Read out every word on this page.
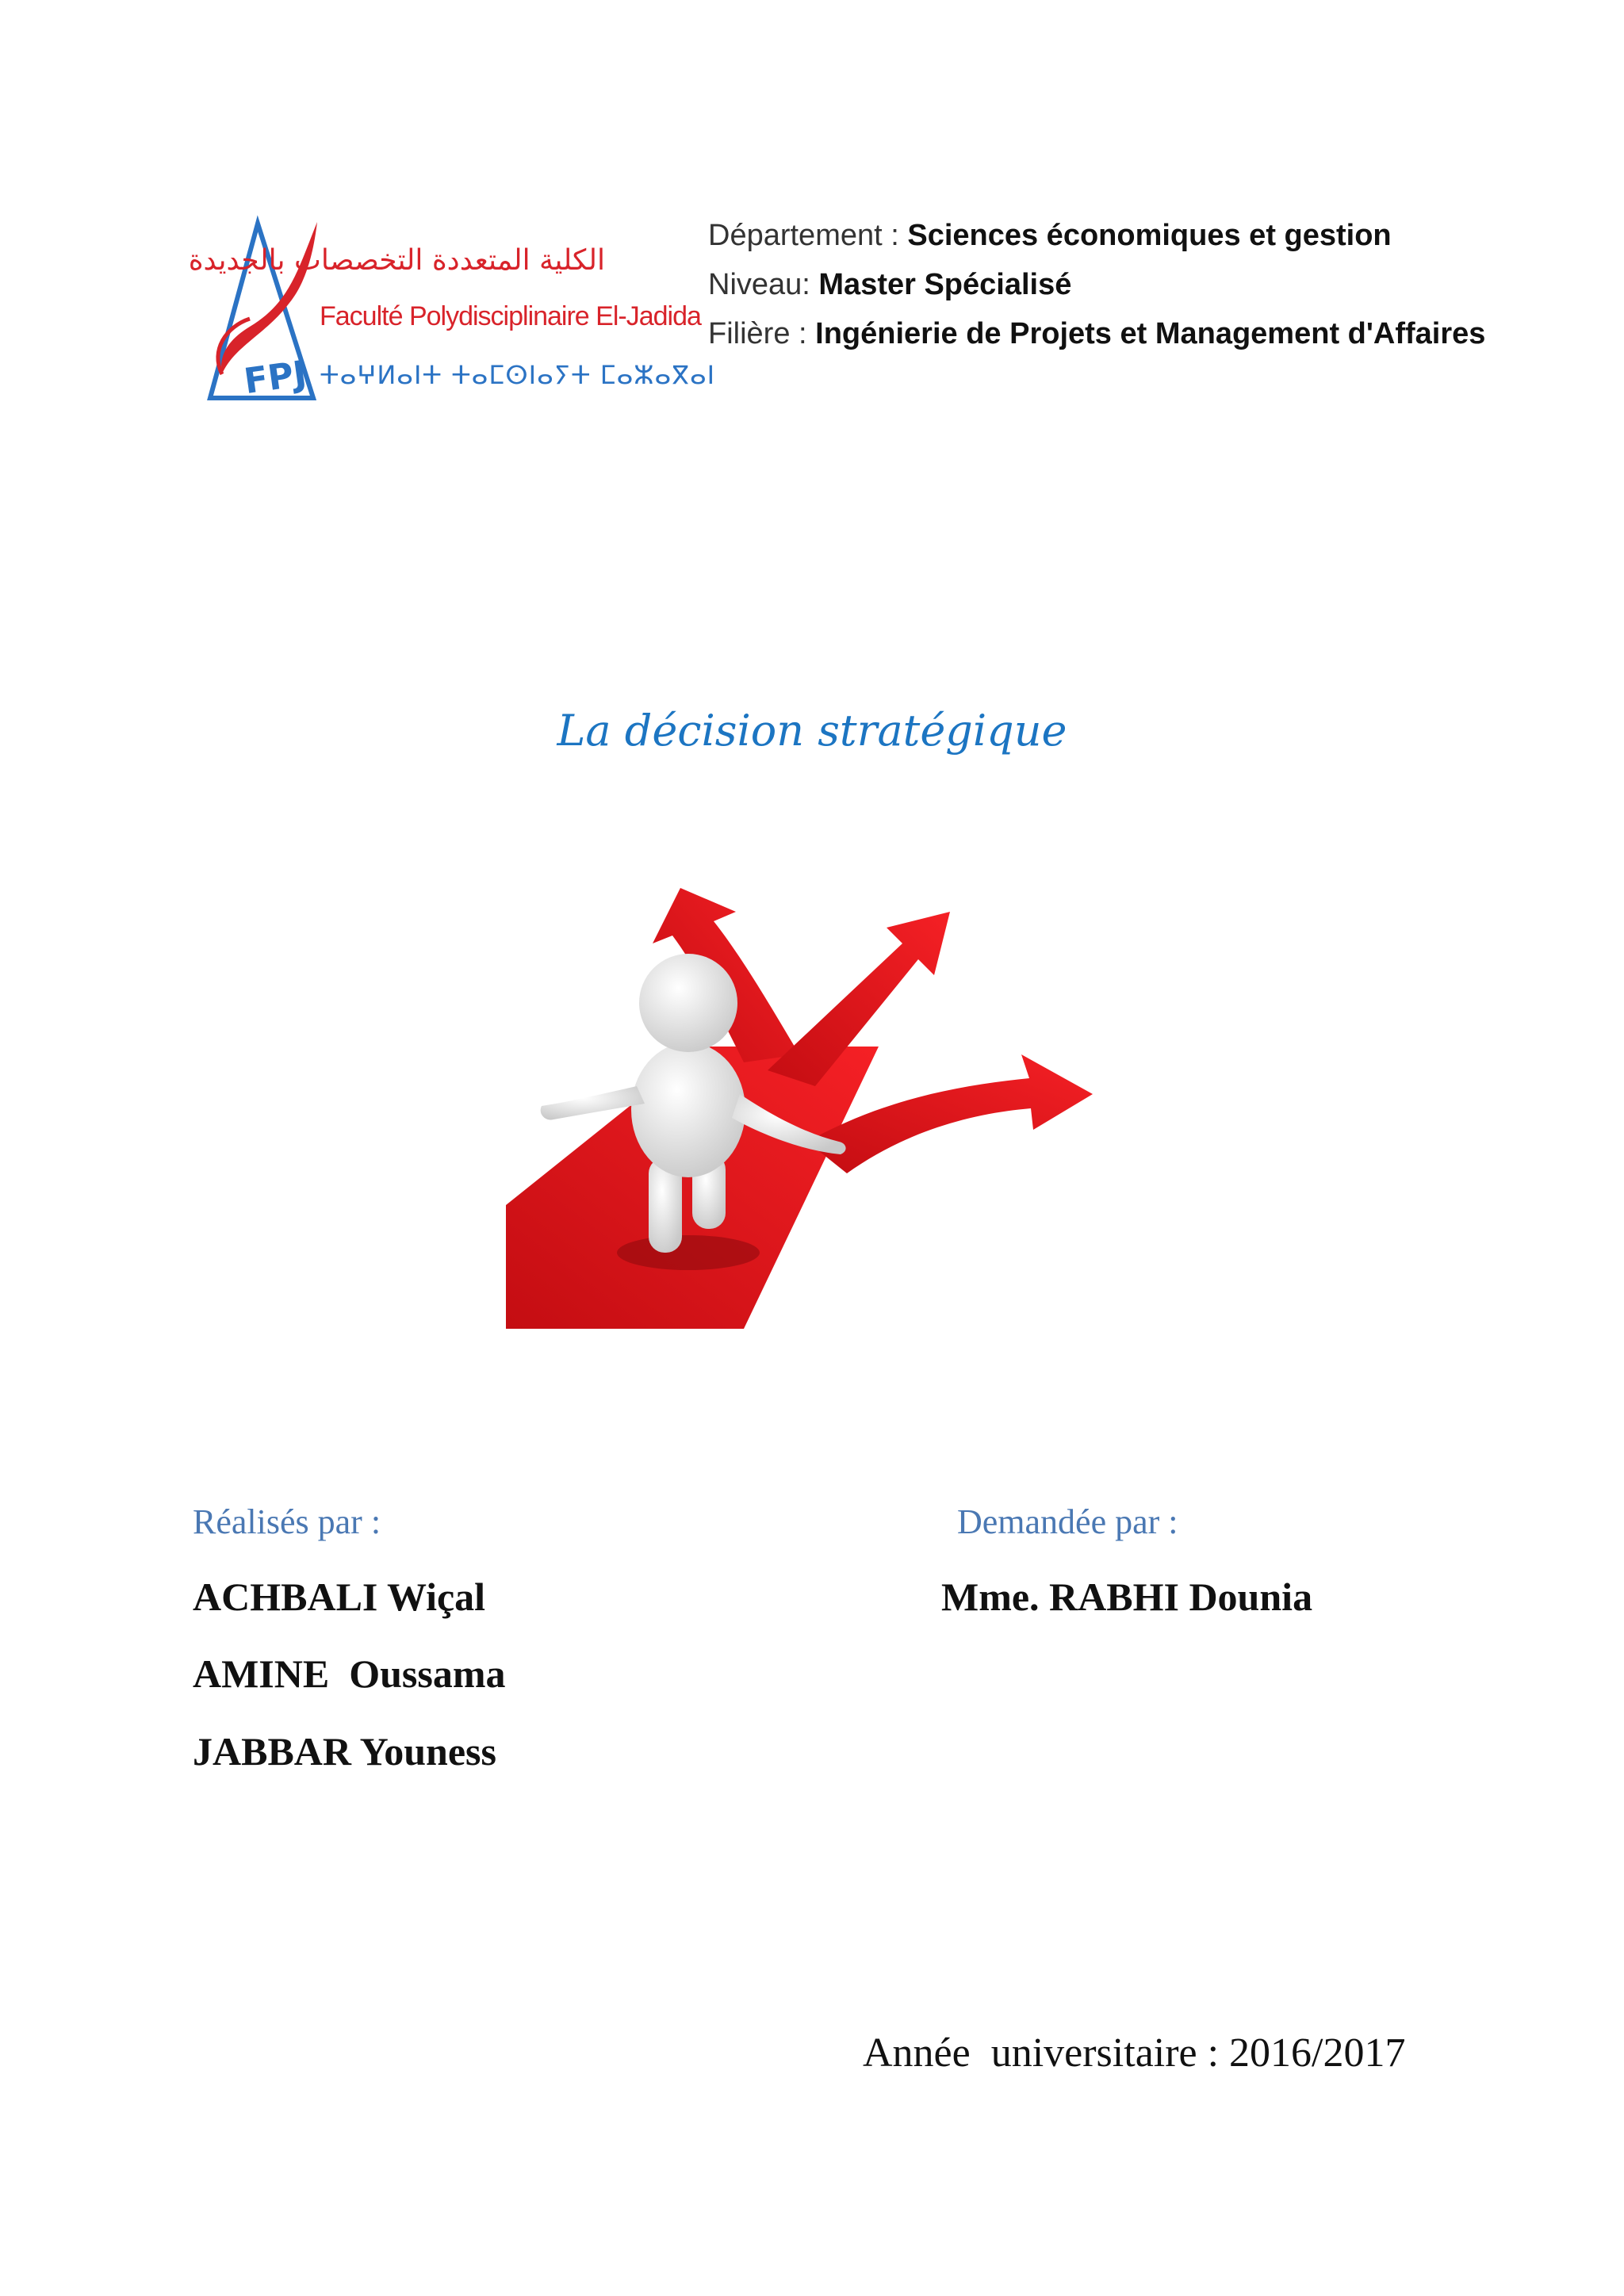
FPJ
الكلية المتعددة التخصصات بالجديدة
Faculté Polydisciplinaire El-Jadida
ⵜⴰⵖⵍⴰⵏⵜ ⵜⴰⵎⵙⵏⴰⵢⵜ ⵎⴰⵣⴰⴳⴰⵏ
Département : Sciences économiques et gestion
Niveau: Master Spécialisé
Filière : Ingénierie de Projets et Management d'Affaires
La décision stratégique
Réalisés par :	Demandée par :
ACHBALI Wiçal
AMINE  Oussama
JABBAR Youness
Mme. RABHI Dounia
Année  universitaire : 2016/2017
